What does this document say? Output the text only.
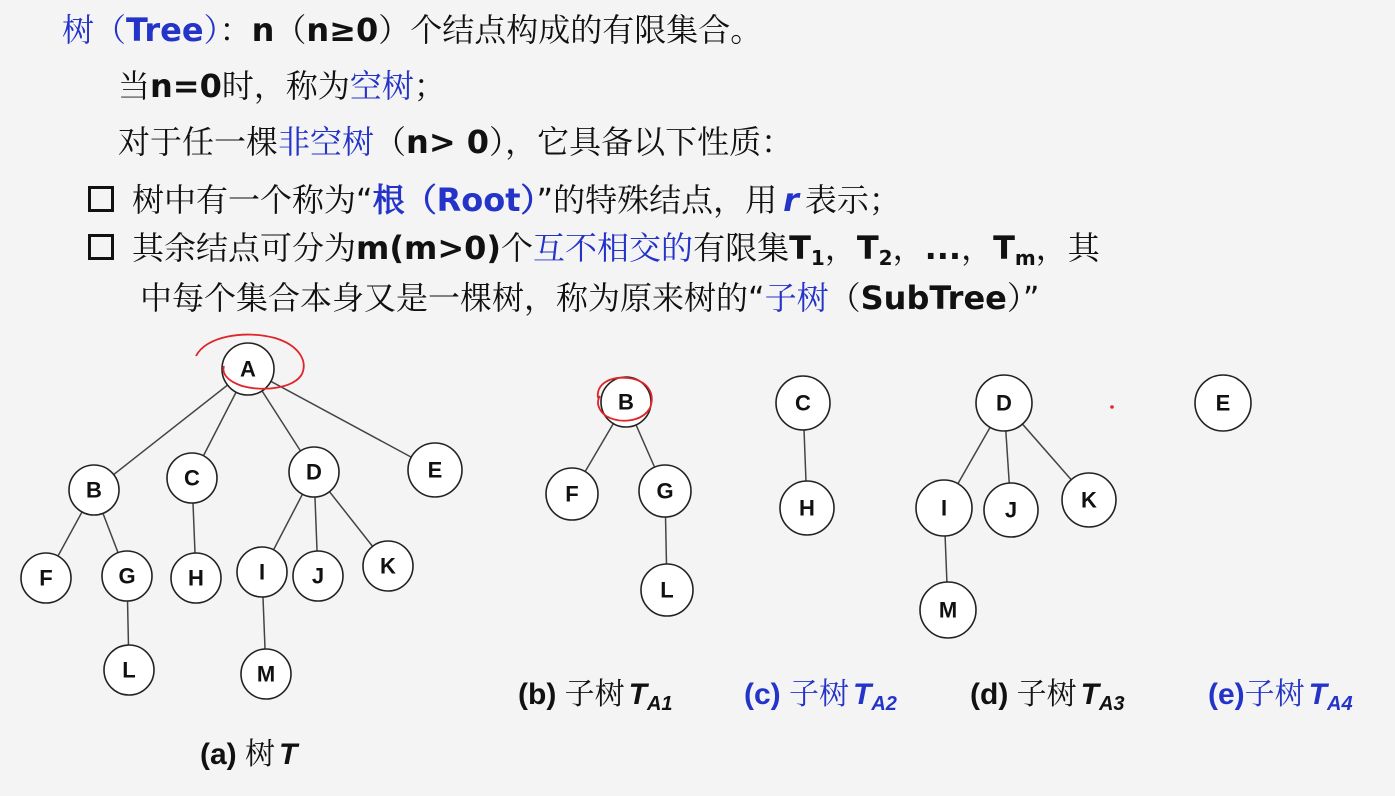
树（Tree）：n（n≥0）个结点构成的有限集合。
当n=0时，称为空树；
对于任一棵非空树（n> 0），它具备以下性质：
树中有一个称为“根（Root）”的特殊结点，用 r 表示；
其余结点可分为m(m>0)个互不相交的有限集$T_1$，$T_2$，...，$T_m$，其
中每个集合本身又是一棵树，称为原来树的“子树（SubTree）”
A
B	C	D	E
F	G H I J	K
L	M
B
F	G
L
C
H
D
I	J	K
M
E
(a) 树 T
(b) 子树 $T_{A1}$ (c) 子树 $T_{A2}$ (d) 子树 $T_{A3}$	(e)子树 $T_{A4}$
